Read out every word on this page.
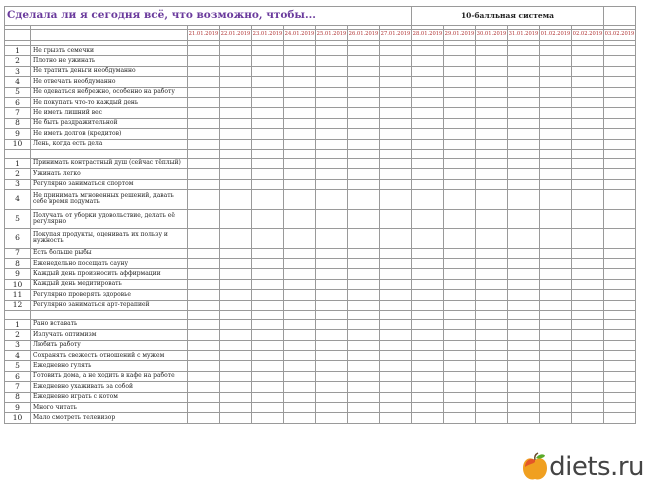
Сделала ли я сегодня всё, что возможно, чтобы...									10-балльная система						

		21.01.2019	22.01.2019	23.01.2019	24.01.2019	25.01.2019	26.01.2019	27.01.2019	28.01.2019	29.01.2019	30.01.2019	31.01.2019	01.02.2019	02.02.2019	03.02.2019

1	Не грызть семечки														
2	Плотно не ужинать														
3	Не тратить деньги необдуманно														
4	Не отвечать необдуманно														
5	Не одеваться небрежно, особенно на работу														
6	Не покупать что-то каждый день														
7	Не иметь лишний вес														
8	Не быть раздражительной														
9	Не иметь долгов (кредитов)														
10	Лень, когда есть дела														

1	Принимать контрастный душ (сейчас тёплый)														
2	Ужинать легко														
3	Регулярно заниматься спортом														
4	Не принимать мгновенных решений, давать себе время подумать														
5	Получать от уборки удовольствие, делать её регулярно														
6	Покупая продукты, оценивать их пользу и нужность														
7	Есть больше рыбы														
8	Еженедельно посещать сауну														
9	Каждый день произносить аффирмации														
10	Каждый день медитировать														
11	Регулярно проверять здоровье														
12	Регулярно заниматься арт-терапией														

1	Рано вставать														
2	Излучать оптимизм														
3	Любить работу														
4	Сохранять свежесть отношений с мужем														
5	Ежедневно гулять														
6	Готовить дома, а не ходить в кафе на работе														
7	Ежедневно ухаживать за собой														
8	Ежедневно играть с котом														
9	Много читать														
10	Мало смотреть телевизор														
diets.ru
